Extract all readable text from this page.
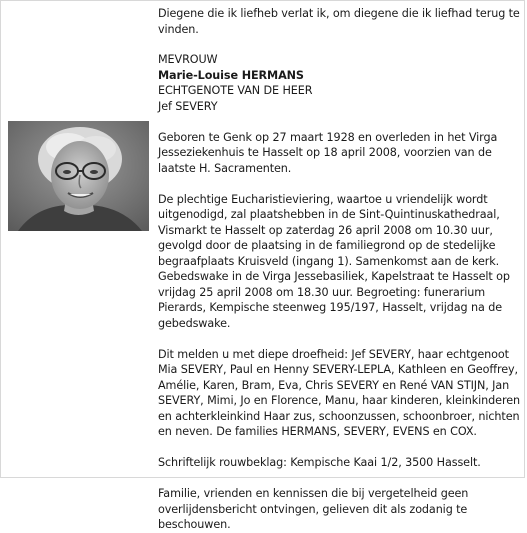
Diegene die ik liefheb verlat ik, om diegene die ik liefhad terug te vinden.

MEVROUW
Marie-Louise HERMANS
ECHTGENOTE VAN DE HEER
Jef SEVERY

Geboren te Genk op 27 maart 1928 en overleden in het Virga Jesseziekenhuis te Hasselt op 18 april 2008, voorzien van de laatste H. Sacramenten.

De plechtige Eucharistieviering, waartoe u vriendelijk wordt uitgenodigd, zal plaatshebben in de Sint-Quintinuskathedraal, Vismarkt te Hasselt op zaterdag 26 april 2008 om 10.30 uur, gevolgd door de plaatsing in de familiegrond op de stedelijke begraafplaats Kruisveld (ingang 1). Samenkomst aan de kerk. Gebedswake in de Virga Jessebasiliek, Kapelstraat te Hasselt op vrijdag 25 april 2008 om 18.30 uur. Begroeting: funerarium Pierards, Kempische steenweg 195/197, Hasselt, vrijdag na de gebedswake.

Dit melden u met diepe droefheid: Jef SEVERY, haar echtgenoot Mia SEVERY, Paul en Henny SEVERY-LEPLA, Kathleen en Geoffrey, Amélie, Karen, Bram, Eva, Chris SEVERY en René VAN STIJN, Jan SEVERY, Mimi, Jo en Florence, Manu, haar kinderen, kleinkinderen en achterkleinkind Haar zus, schoonzussen, schoonbroer, nichten en neven. De families HERMANS, SEVERY, EVENS en COX.

Schriftelijk rouwbeklag: Kempische Kaai 1/2, 3500 Hasselt.

Familie, vrienden en kennissen die bij vergetelheid geen overlijdensbericht ontvingen, gelieven dit als zodanig te beschouwen.
